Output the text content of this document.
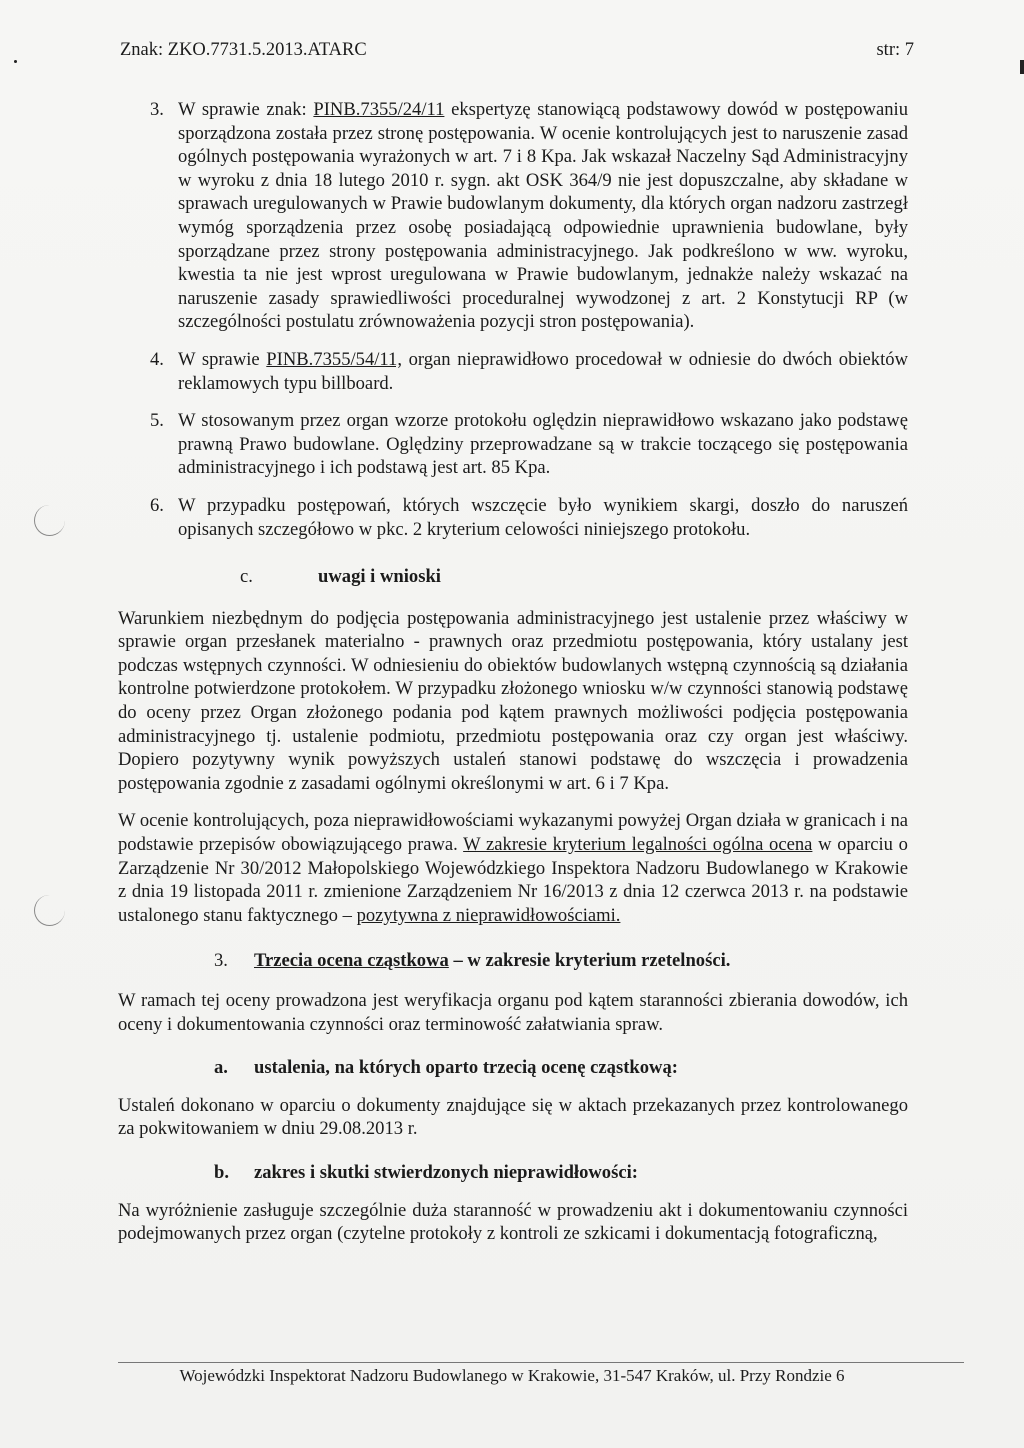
Znak: ZKO.7731.5.2013.ATARC	str: 7
3. W sprawie znak: PINB.7355/24/11 ekspertyzę stanowiącą podstawowy dowód w postępowaniu sporządzona została przez stronę postępowania. W ocenie kontrolujących jest to naruszenie zasad ogólnych postępowania wyrażonych w art. 7 i 8 Kpa. Jak wskazał Naczelny Sąd Administracyjny w wyroku z dnia 18 lutego 2010 r. sygn. akt OSK 364/9 nie jest dopuszczalne, aby składane w sprawach uregulowanych w Prawie budowlanym dokumenty, dla których organ nadzoru zastrzegł wymóg sporządzenia przez osobę posiadającą odpowiednie uprawnienia budowlane, były sporządzane przez strony postępowania administracyjnego. Jak podkreślono w ww. wyroku, kwestia ta nie jest wprost uregulowana w Prawie budowlanym, jednakże należy wskazać na naruszenie zasady sprawiedliwości proceduralnej wywodzonej z art. 2 Konstytucji RP (w szczególności postulatu zrównoważenia pozycji stron postępowania).
4. W sprawie PINB.7355/54/11, organ nieprawidłowo procedował w odniesie do dwóch obiektów reklamowych typu billboard.
5. W stosowanym przez organ wzorze protokołu oględzin nieprawidłowo wskazano jako podstawę prawną Prawo budowlane. Oględziny przeprowadzane są w trakcie toczącego się postępowania administracyjnego i ich podstawą jest art. 85 Kpa.
6. W przypadku postępowań, których wszczęcie było wynikiem skargi, doszło do naruszeń opisanych szczegółowo w pkc. 2 kryterium celowości niniejszego protokołu.
c.	uwagi i wnioski

Warunkiem niezbędnym do podjęcia postępowania administracyjnego jest ustalenie przez właściwy w sprawie organ przesłanek materialno - prawnych oraz przedmiotu postępowania, który ustalany jest podczas wstępnych czynności. W odniesieniu do obiektów budowlanych wstępną czynnością są działania kontrolne potwierdzone protokołem. W przypadku złożonego wniosku w/w czynności stanowią podstawę do oceny przez Organ złożonego podania pod kątem prawnych możliwości podjęcia postępowania administracyjnego tj. ustalenie podmiotu, przedmiotu postępowania oraz czy organ jest właściwy. Dopiero pozytywny wynik powyższych ustaleń stanowi podstawę do wszczęcia i prowadzenia postępowania zgodnie z zasadami ogólnymi określonymi w art. 6 i 7 Kpa.

W ocenie kontrolujących, poza nieprawidłowościami wykazanymi powyżej Organ działa w granicach i na podstawie przepisów obowiązującego prawa. W zakresie kryterium legalności ogólna ocena w oparciu o Zarządzenie Nr 30/2012 Małopolskiego Wojewódzkiego Inspektora Nadzoru Budowlanego w Krakowie z dnia 19 listopada 2011 r. zmienione Zarządzeniem Nr 16/2013 z dnia 12 czerwca 2013 r. na podstawie ustalonego stanu faktycznego – pozytywna z nieprawidłowościami.

3. Trzecia ocena cząstkowa – w zakresie kryterium rzetelności.

W ramach tej oceny prowadzona jest weryfikacja organu pod kątem staranności zbierania dowodów, ich oceny i dokumentowania czynności oraz terminowość załatwiania spraw.

a. ustalenia, na których oparto trzecią ocenę cząstkową:

Ustaleń dokonano w oparciu o dokumenty znajdujące się w aktach przekazanych przez kontrolowanego za pokwitowaniem w dniu 29.08.2013 r.

b. zakres i skutki stwierdzonych nieprawidłowości:

Na wyróżnienie zasługuje szczególnie duża staranność w prowadzeniu akt i dokumentowaniu czynności podejmowanych przez organ (czytelne protokoły z kontroli ze szkicami i dokumentacją fotograficzną,

Wojewódzki Inspektorat Nadzoru Budowlanego w Krakowie, 31-547 Kraków, ul. Przy Rondzie 6
